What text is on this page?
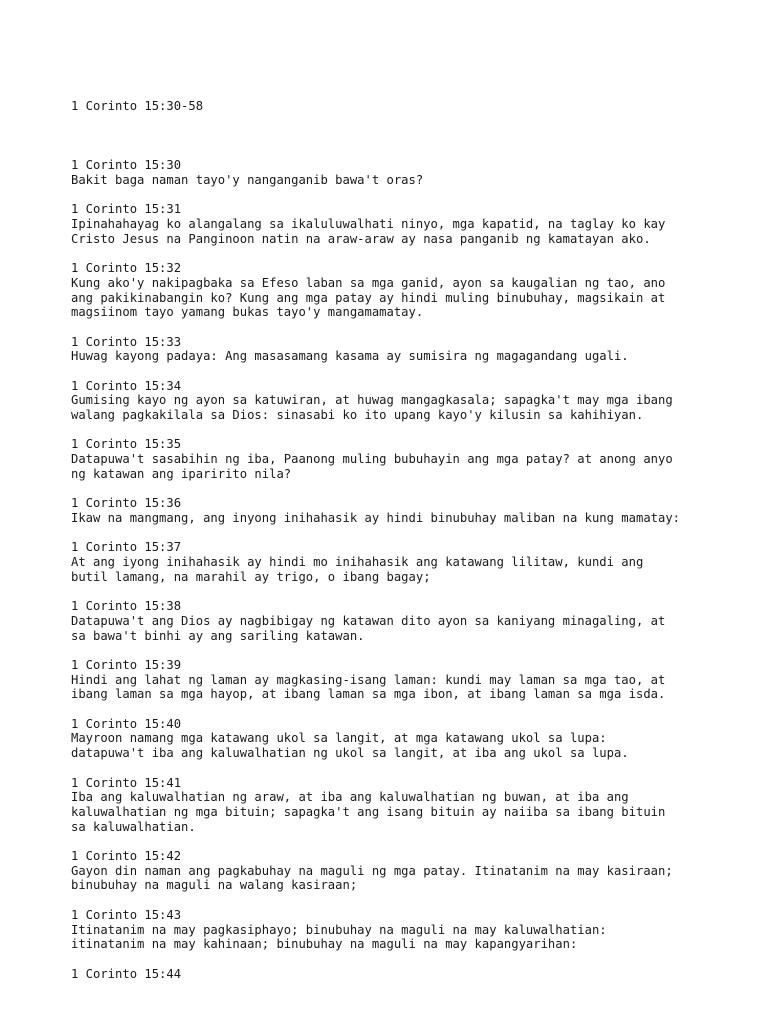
1 Corinto 15:30-58

1 Corinto 15:30
Bakit baga naman tayo'y nanganganib bawa't oras?
1 Corinto 15:31
Ipinahahayag ko alangalang sa ikaluluwalhati ninyo, mga kapatid, na taglay ko kay
Cristo Jesus na Panginoon natin na araw-araw ay nasa panganib ng kamatayan ako.
1 Corinto 15:32
Kung ako'y nakipagbaka sa Efeso laban sa mga ganid, ayon sa kaugalian ng tao, ano
ang pakikinabangin ko? Kung ang mga patay ay hindi muling binubuhay, magsikain at
magsiinom tayo yamang bukas tayo'y mangamamatay.
1 Corinto 15:33
Huwag kayong padaya: Ang masasamang kasama ay sumisira ng magagandang ugali.
1 Corinto 15:34
Gumising kayo ng ayon sa katuwiran, at huwag mangagkasala; sapagka't may mga ibang
walang pagkakilala sa Dios: sinasabi ko ito upang kayo'y kilusin sa kahihiyan.
1 Corinto 15:35
Datapuwa't sasabihin ng iba, Paanong muling bubuhayin ang mga patay? at anong anyo
ng katawan ang iparirito nila?
1 Corinto 15:36
Ikaw na mangmang, ang inyong inihahasik ay hindi binubuhay maliban na kung mamatay:
1 Corinto 15:37
At ang iyong inihahasik ay hindi mo inihahasik ang katawang lilitaw, kundi ang
butil lamang, na marahil ay trigo, o ibang bagay;
1 Corinto 15:38
Datapuwa't ang Dios ay nagbibigay ng katawan dito ayon sa kaniyang minagaling, at
sa bawa't binhi ay ang sariling katawan.
1 Corinto 15:39
Hindi ang lahat ng laman ay magkasing-isang laman: kundi may laman sa mga tao, at
ibang laman sa mga hayop, at ibang laman sa mga ibon, at ibang laman sa mga isda.
1 Corinto 15:40
Mayroon namang mga katawang ukol sa langit, at mga katawang ukol sa lupa:
datapuwa't iba ang kaluwalhatian ng ukol sa langit, at iba ang ukol sa lupa.
1 Corinto 15:41
Iba ang kaluwalhatian ng araw, at iba ang kaluwalhatian ng buwan, at iba ang
kaluwalhatian ng mga bituin; sapagka't ang isang bituin ay naiiba sa ibang bituin
sa kaluwalhatian.
1 Corinto 15:42
Gayon din naman ang pagkabuhay na maguli ng mga patay. Itinatanim na may kasiraan;
binubuhay na maguli na walang kasiraan;
1 Corinto 15:43
Itinatanim na may pagkasiphayo; binubuhay na maguli na may kaluwalhatian:
itinatanim na may kahinaan; binubuhay na maguli na may kapangyarihan:
1 Corinto 15:44
